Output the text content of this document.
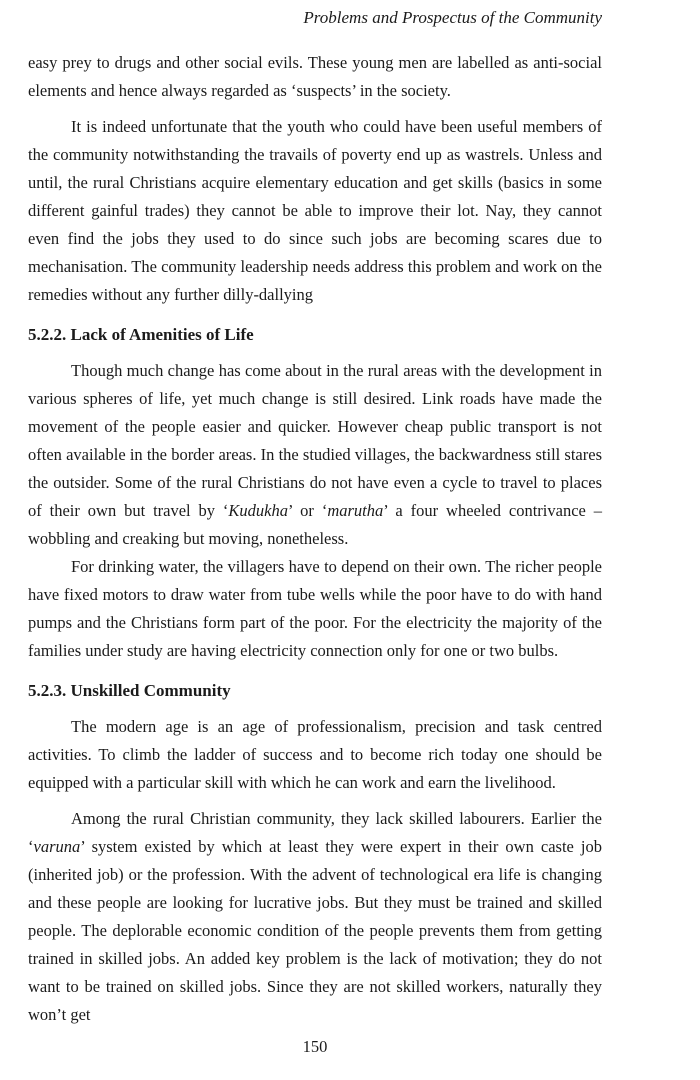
Problems and Prospectus of the Community

easy prey to drugs and other social evils. These young men are labelled as anti-social elements and hence always regarded as ‘suspects’ in the society.

It is indeed unfortunate that the youth who could have been useful members of the community notwithstanding the travails of poverty end up as wastrels. Unless and until, the rural Christians acquire elementary education and get skills (basics in some different gainful trades) they cannot be able to improve their lot. Nay, they cannot even find the jobs they used to do since such jobs are becoming scares due to mechanisation. The community leadership needs address this problem and work on the remedies without any further dilly-dallying

5.2.2. Lack of Amenities of Life

Though much change has come about in the rural areas with the development in various spheres of life, yet much change is still desired. Link roads have made the movement of the people easier and quicker. However cheap public transport is not often available in the border areas. In the studied villages, the backwardness still stares the outsider. Some of the rural Christians do not have even a cycle to travel to places of their own but travel by ‘Kudukha’ or ‘marutha’ a four wheeled contrivance – wobbling and creaking but moving, nonetheless.

For drinking water, the villagers have to depend on their own. The richer people have fixed motors to draw water from tube wells while the poor have to do with hand pumps and the Christians form part of the poor. For the electricity the majority of the families under study are having electricity connection only for one or two bulbs.

5.2.3. Unskilled Community

The modern age is an age of professionalism, precision and task centred activities. To climb the ladder of success and to become rich today one should be equipped with a particular skill with which he can work and earn the livelihood.

Among the rural Christian community, they lack skilled labourers. Earlier the ‘varuna’ system existed by which at least they were expert in their own caste job (inherited job) or the profession. With the advent of technological era life is changing and these people are looking for lucrative jobs. But they must be trained and skilled people. The deplorable economic condition of the people prevents them from getting trained in skilled jobs. An added key problem is the lack of motivation; they do not want to be trained on skilled jobs. Since they are not skilled workers, naturally they won’t get

150
